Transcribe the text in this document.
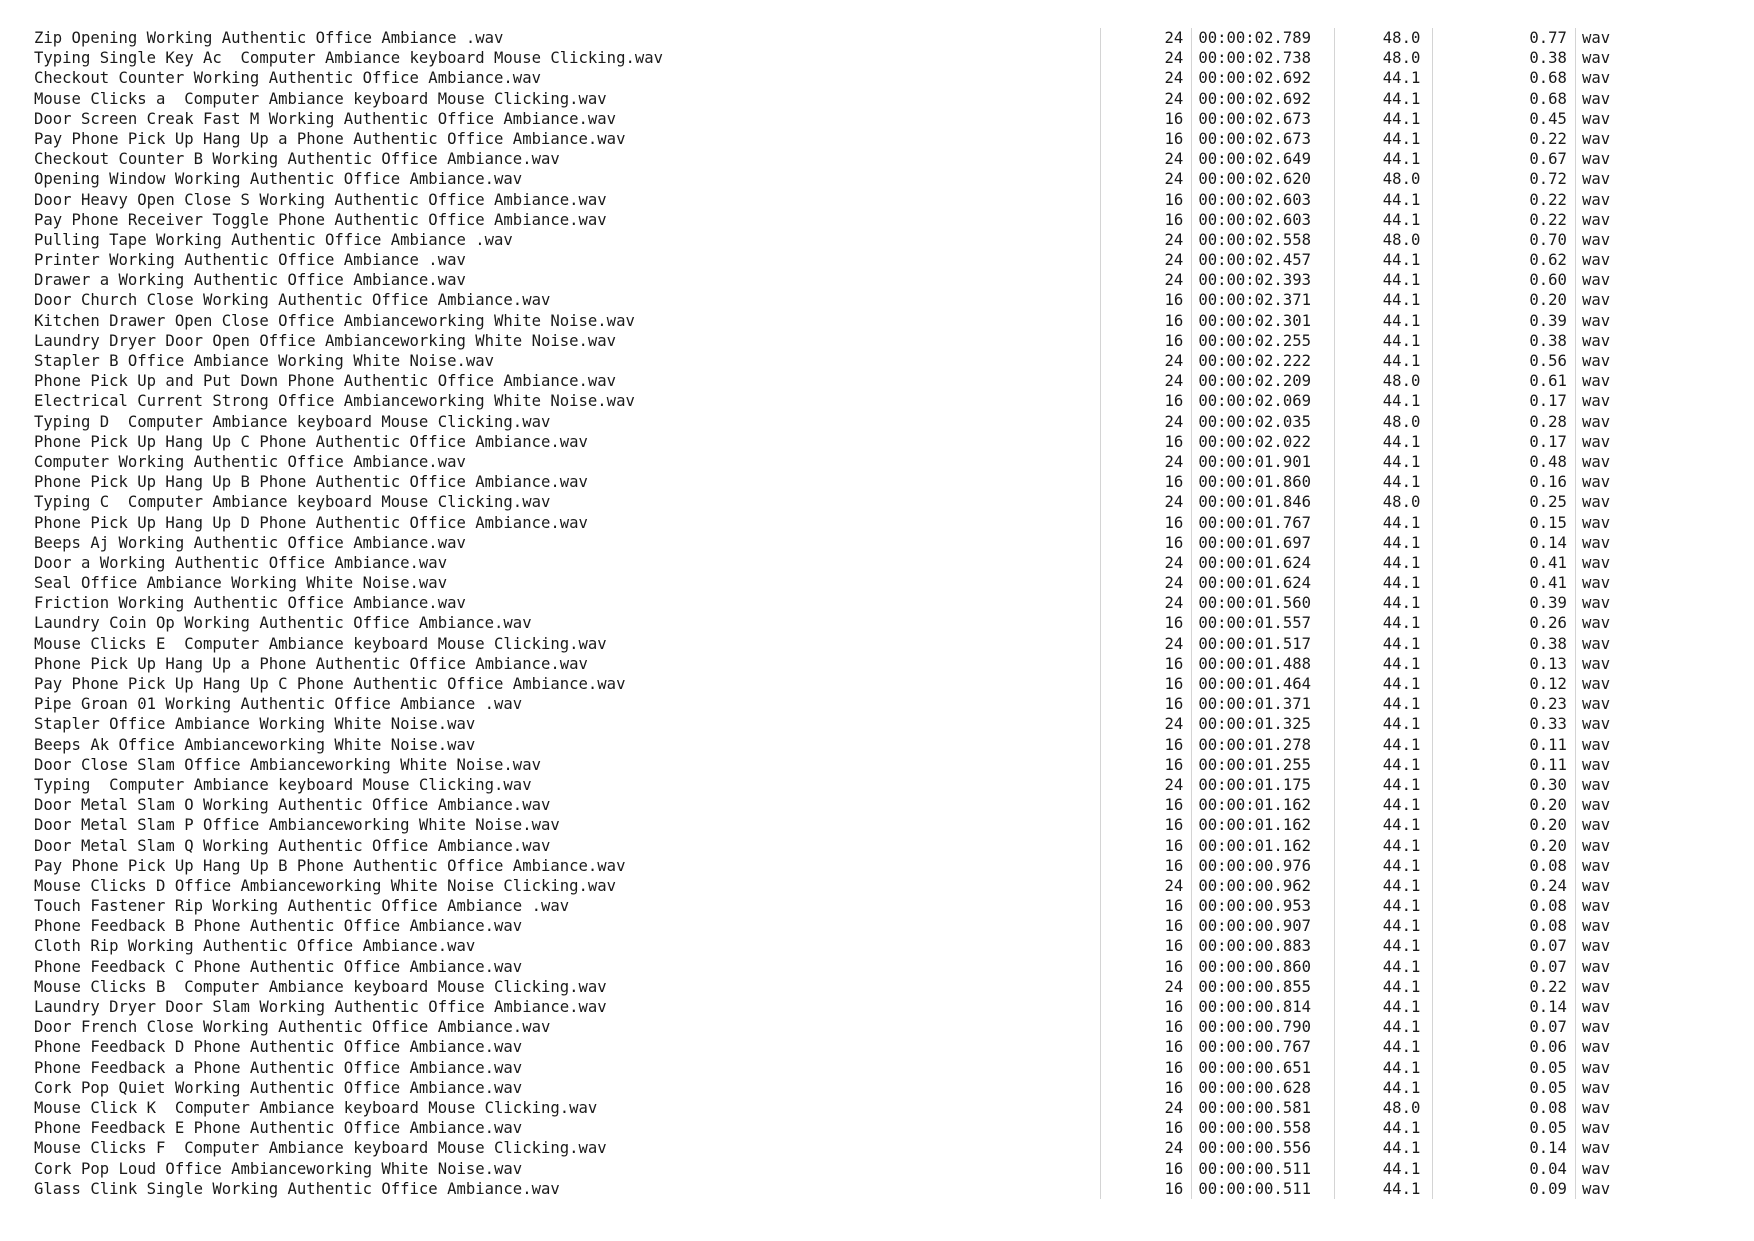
Zip Opening Working Authentic Office Ambiance .wav	24 00:00:02.789	48.0	0.77 wav
Typing Single Key Ac  Computer Ambiance keyboard Mouse Clicking.wav	24 00:00:02.738	48.0	0.38 wav
Checkout Counter Working Authentic Office Ambiance.wav	24 00:00:02.692	44.1	0.68 wav
Mouse Clicks a  Computer Ambiance keyboard Mouse Clicking.wav	24 00:00:02.692	44.1	0.68 wav
Door Screen Creak Fast M Working Authentic Office Ambiance.wav	16 00:00:02.673	44.1	0.45 wav
Pay Phone Pick Up Hang Up a Phone Authentic Office Ambiance.wav	16 00:00:02.673	44.1	0.22 wav
Checkout Counter B Working Authentic Office Ambiance.wav	24 00:00:02.649	44.1	0.67 wav
Opening Window Working Authentic Office Ambiance.wav	24 00:00:02.620	48.0	0.72 wav
Door Heavy Open Close S Working Authentic Office Ambiance.wav	16 00:00:02.603	44.1	0.22 wav
Pay Phone Receiver Toggle Phone Authentic Office Ambiance.wav	16 00:00:02.603	44.1	0.22 wav
Pulling Tape Working Authentic Office Ambiance .wav	24 00:00:02.558	48.0	0.70 wav
Printer Working Authentic Office Ambiance .wav	24 00:00:02.457	44.1	0.62 wav
Drawer a Working Authentic Office Ambiance.wav	24 00:00:02.393	44.1	0.60 wav
Door Church Close Working Authentic Office Ambiance.wav	16 00:00:02.371	44.1	0.20 wav
Kitchen Drawer Open Close Office Ambianceworking White Noise.wav	16 00:00:02.301	44.1	0.39 wav
Laundry Dryer Door Open Office Ambianceworking White Noise.wav	16 00:00:02.255	44.1	0.38 wav
Stapler B Office Ambiance Working White Noise.wav	24 00:00:02.222	44.1	0.56 wav
Phone Pick Up and Put Down Phone Authentic Office Ambiance.wav	24 00:00:02.209	48.0	0.61 wav
Electrical Current Strong Office Ambianceworking White Noise.wav	16 00:00:02.069	44.1	0.17 wav
Typing D  Computer Ambiance keyboard Mouse Clicking.wav	24 00:00:02.035	48.0	0.28 wav
Phone Pick Up Hang Up C Phone Authentic Office Ambiance.wav	16 00:00:02.022	44.1	0.17 wav
Computer Working Authentic Office Ambiance.wav	24 00:00:01.901	44.1	0.48 wav
Phone Pick Up Hang Up B Phone Authentic Office Ambiance.wav	16 00:00:01.860	44.1	0.16 wav
Typing C  Computer Ambiance keyboard Mouse Clicking.wav	24 00:00:01.846	48.0	0.25 wav
Phone Pick Up Hang Up D Phone Authentic Office Ambiance.wav	16 00:00:01.767	44.1	0.15 wav
Beeps Aj Working Authentic Office Ambiance.wav	16 00:00:01.697	44.1	0.14 wav
Door a Working Authentic Office Ambiance.wav	24 00:00:01.624	44.1	0.41 wav
Seal Office Ambiance Working White Noise.wav	24 00:00:01.624	44.1	0.41 wav
Friction Working Authentic Office Ambiance.wav	24 00:00:01.560	44.1	0.39 wav
Laundry Coin Op Working Authentic Office Ambiance.wav	16 00:00:01.557	44.1	0.26 wav
Mouse Clicks E  Computer Ambiance keyboard Mouse Clicking.wav	24 00:00:01.517	44.1	0.38 wav
Phone Pick Up Hang Up a Phone Authentic Office Ambiance.wav	16 00:00:01.488	44.1	0.13 wav
Pay Phone Pick Up Hang Up C Phone Authentic Office Ambiance.wav	16 00:00:01.464	44.1	0.12 wav
Pipe Groan 01 Working Authentic Office Ambiance .wav	16 00:00:01.371	44.1	0.23 wav
Stapler Office Ambiance Working White Noise.wav	24 00:00:01.325	44.1	0.33 wav
Beeps Ak Office Ambianceworking White Noise.wav	16 00:00:01.278	44.1	0.11 wav
Door Close Slam Office Ambianceworking White Noise.wav	16 00:00:01.255	44.1	0.11 wav
Typing  Computer Ambiance keyboard Mouse Clicking.wav	24 00:00:01.175	44.1	0.30 wav
Door Metal Slam O Working Authentic Office Ambiance.wav	16 00:00:01.162	44.1	0.20 wav
Door Metal Slam P Office Ambianceworking White Noise.wav	16 00:00:01.162	44.1	0.20 wav
Door Metal Slam Q Working Authentic Office Ambiance.wav	16 00:00:01.162	44.1	0.20 wav
Pay Phone Pick Up Hang Up B Phone Authentic Office Ambiance.wav	16 00:00:00.976	44.1	0.08 wav
Mouse Clicks D Office Ambianceworking White Noise Clicking.wav	24 00:00:00.962	44.1	0.24 wav
Touch Fastener Rip Working Authentic Office Ambiance .wav	16 00:00:00.953	44.1	0.08 wav
Phone Feedback B Phone Authentic Office Ambiance.wav	16 00:00:00.907	44.1	0.08 wav
Cloth Rip Working Authentic Office Ambiance.wav	16 00:00:00.883	44.1	0.07 wav
Phone Feedback C Phone Authentic Office Ambiance.wav	16 00:00:00.860	44.1	0.07 wav
Mouse Clicks B  Computer Ambiance keyboard Mouse Clicking.wav	24 00:00:00.855	44.1	0.22 wav
Laundry Dryer Door Slam Working Authentic Office Ambiance.wav	16 00:00:00.814	44.1	0.14 wav
Door French Close Working Authentic Office Ambiance.wav	16 00:00:00.790	44.1	0.07 wav
Phone Feedback D Phone Authentic Office Ambiance.wav	16 00:00:00.767	44.1	0.06 wav
Phone Feedback a Phone Authentic Office Ambiance.wav	16 00:00:00.651	44.1	0.05 wav
Cork Pop Quiet Working Authentic Office Ambiance.wav	16 00:00:00.628	44.1	0.05 wav
Mouse Click K  Computer Ambiance keyboard Mouse Clicking.wav	24 00:00:00.581	48.0	0.08 wav
Phone Feedback E Phone Authentic Office Ambiance.wav	16 00:00:00.558	44.1	0.05 wav
Mouse Clicks F  Computer Ambiance keyboard Mouse Clicking.wav	24 00:00:00.556	44.1	0.14 wav
Cork Pop Loud Office Ambianceworking White Noise.wav	16 00:00:00.511	44.1	0.04 wav
Glass Clink Single Working Authentic Office Ambiance.wav	16 00:00:00.511	44.1	0.09 wav
